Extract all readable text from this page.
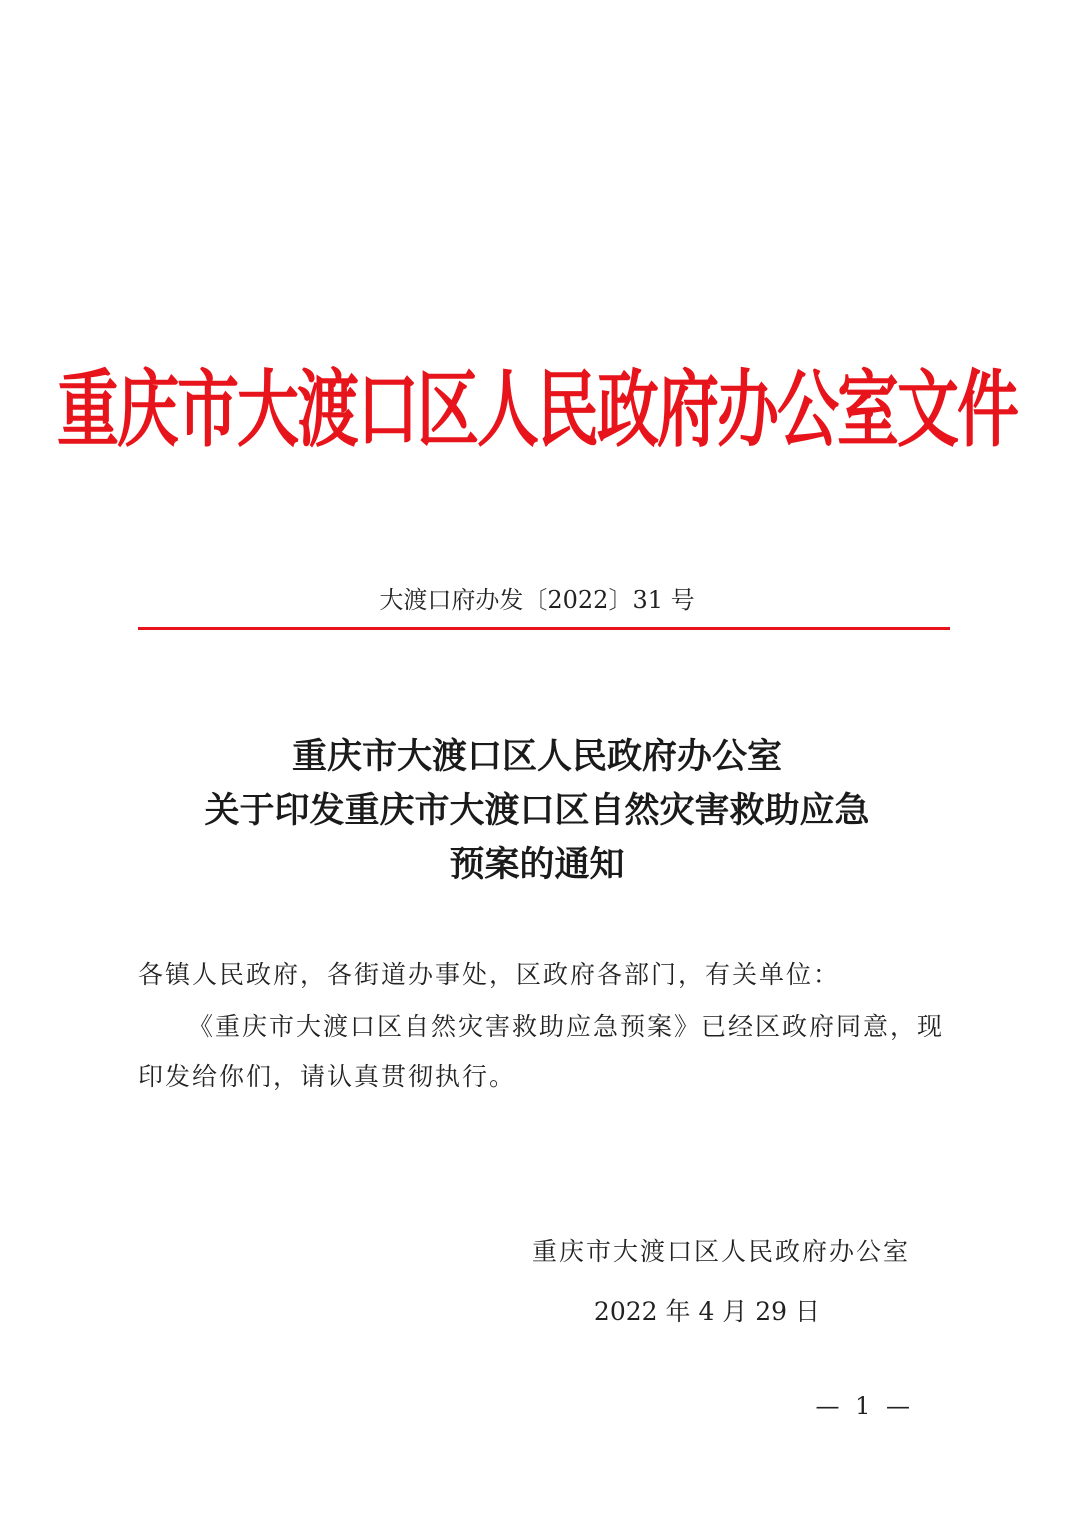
重庆市大渡口区人民政府办公室文件
大渡口府办发〔2022〕31 号
重庆市大渡口区人民政府办公室
关于印发重庆市大渡口区自然灾害救助应急
预案的通知
各镇人民政府，各街道办事处，区政府各部门，有关单位：
《重庆市大渡口区自然灾害救助应急预案》已经区政府同意，现印发给你们，请认真贯彻执行。
重庆市大渡口区人民政府办公室
2022 年 4 月 29 日
— 1 —
